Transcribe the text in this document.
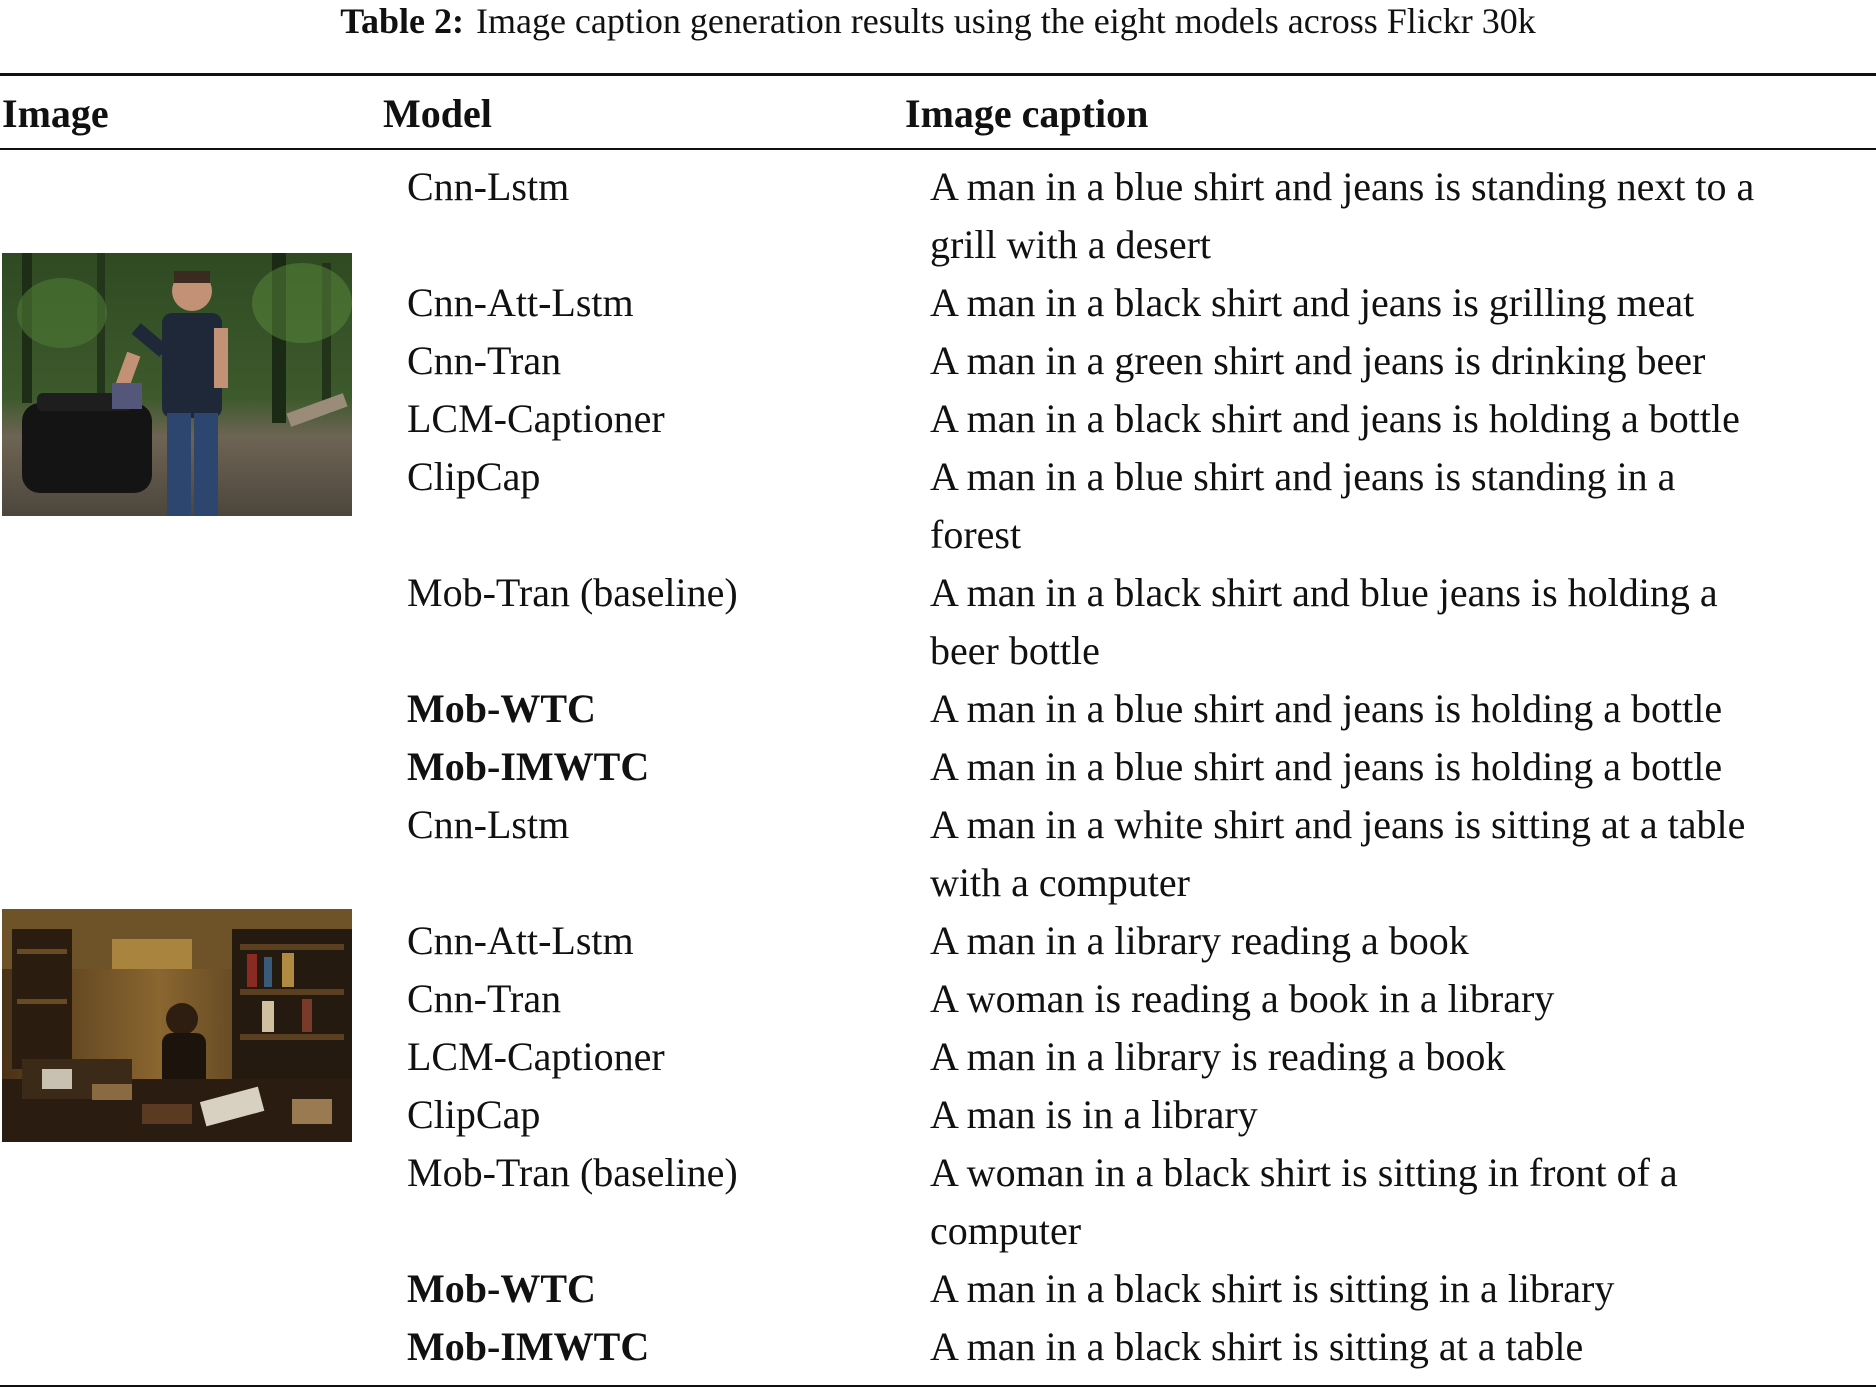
Table 2: Image caption generation results using the eight models across Flickr 30k
Image	Model	Image caption
Cnn-Lstm	A man in a blue shirt and jeans is standing next to a
grill with a desert
Cnn-Att-Lstm	A man in a black shirt and jeans is grilling meat
Cnn-Tran	A man in a green shirt and jeans is drinking beer
LCM-Captioner	A man in a black shirt and jeans is holding a bottle
ClipCap	A man in a blue shirt and jeans is standing in a
forest
Mob-Tran (baseline)	A man in a black shirt and blue jeans is holding a
beer bottle
Mob-WTC	A man in a blue shirt and jeans is holding a bottle
Mob-IMWTC	A man in a blue shirt and jeans is holding a bottle
Cnn-Lstm	A man in a white shirt and jeans is sitting at a table
with a computer
Cnn-Att-Lstm	A man in a library reading a book
Cnn-Tran	A woman is reading a book in a library
LCM-Captioner	A man in a library is reading a book
ClipCap	A man is in a library
Mob-Tran (baseline)	A woman in a black shirt is sitting in front of a
computer
Mob-WTC	A man in a black shirt is sitting in a library
Mob-IMWTC	A man in a black shirt is sitting at a table
